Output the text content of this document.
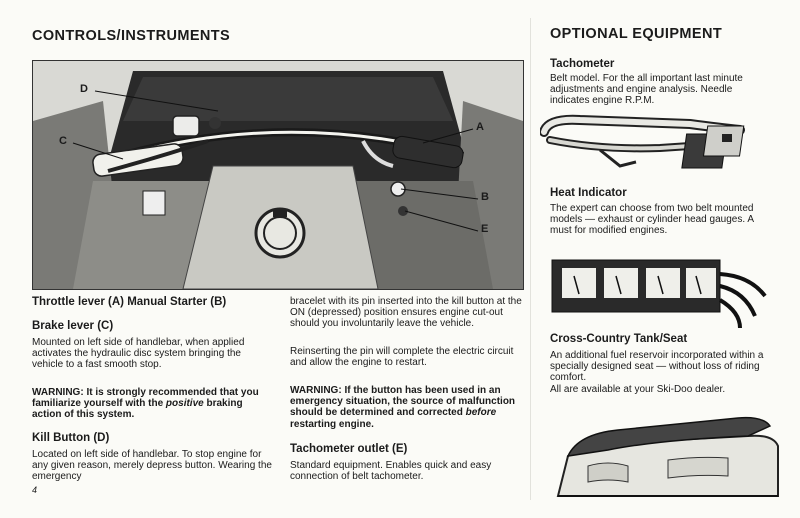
CONTROLS/INSTRUMENTS
D
C
A
B
E
Throttle lever (A) Manual Starter (B)
Brake lever (C)
Mounted on left side of handlebar, when applied activates the hydraulic disc system bringing the vehicle to a fast smooth stop.
WARNING: It is strongly recommended that you familiarize yourself with the positive braking action of this system.
Kill Button (D)
Located on left side of handlebar. To stop engine for any given reason, merely depress button. Wearing the emergency
4
bracelet with its pin inserted into the kill button at the ON (depressed) position ensures engine cut-out should you involuntarily leave the vehicle.
Reinserting the pin will complete the electric circuit and allow the engine to restart.
WARNING: If the button has been used in an emergency situation, the source of malfunction should be determined and corrected before restarting engine.
Tachometer outlet (E)
Standard equipment. Enables quick and easy connection of belt tachometer.
OPTIONAL EQUIPMENT
Tachometer
Belt model. For the all important last minute adjustments and engine analysis. Needle indicates engine R.P.M.
Heat Indicator
The expert can choose from two belt mounted models — exhaust or cylinder head gauges. A must for modified engines.
Cross-Country Tank/Seat
An additional fuel reservoir incorporated within a specially designed seat — without loss of riding comfort.
All are available at your Ski-Doo dealer.
